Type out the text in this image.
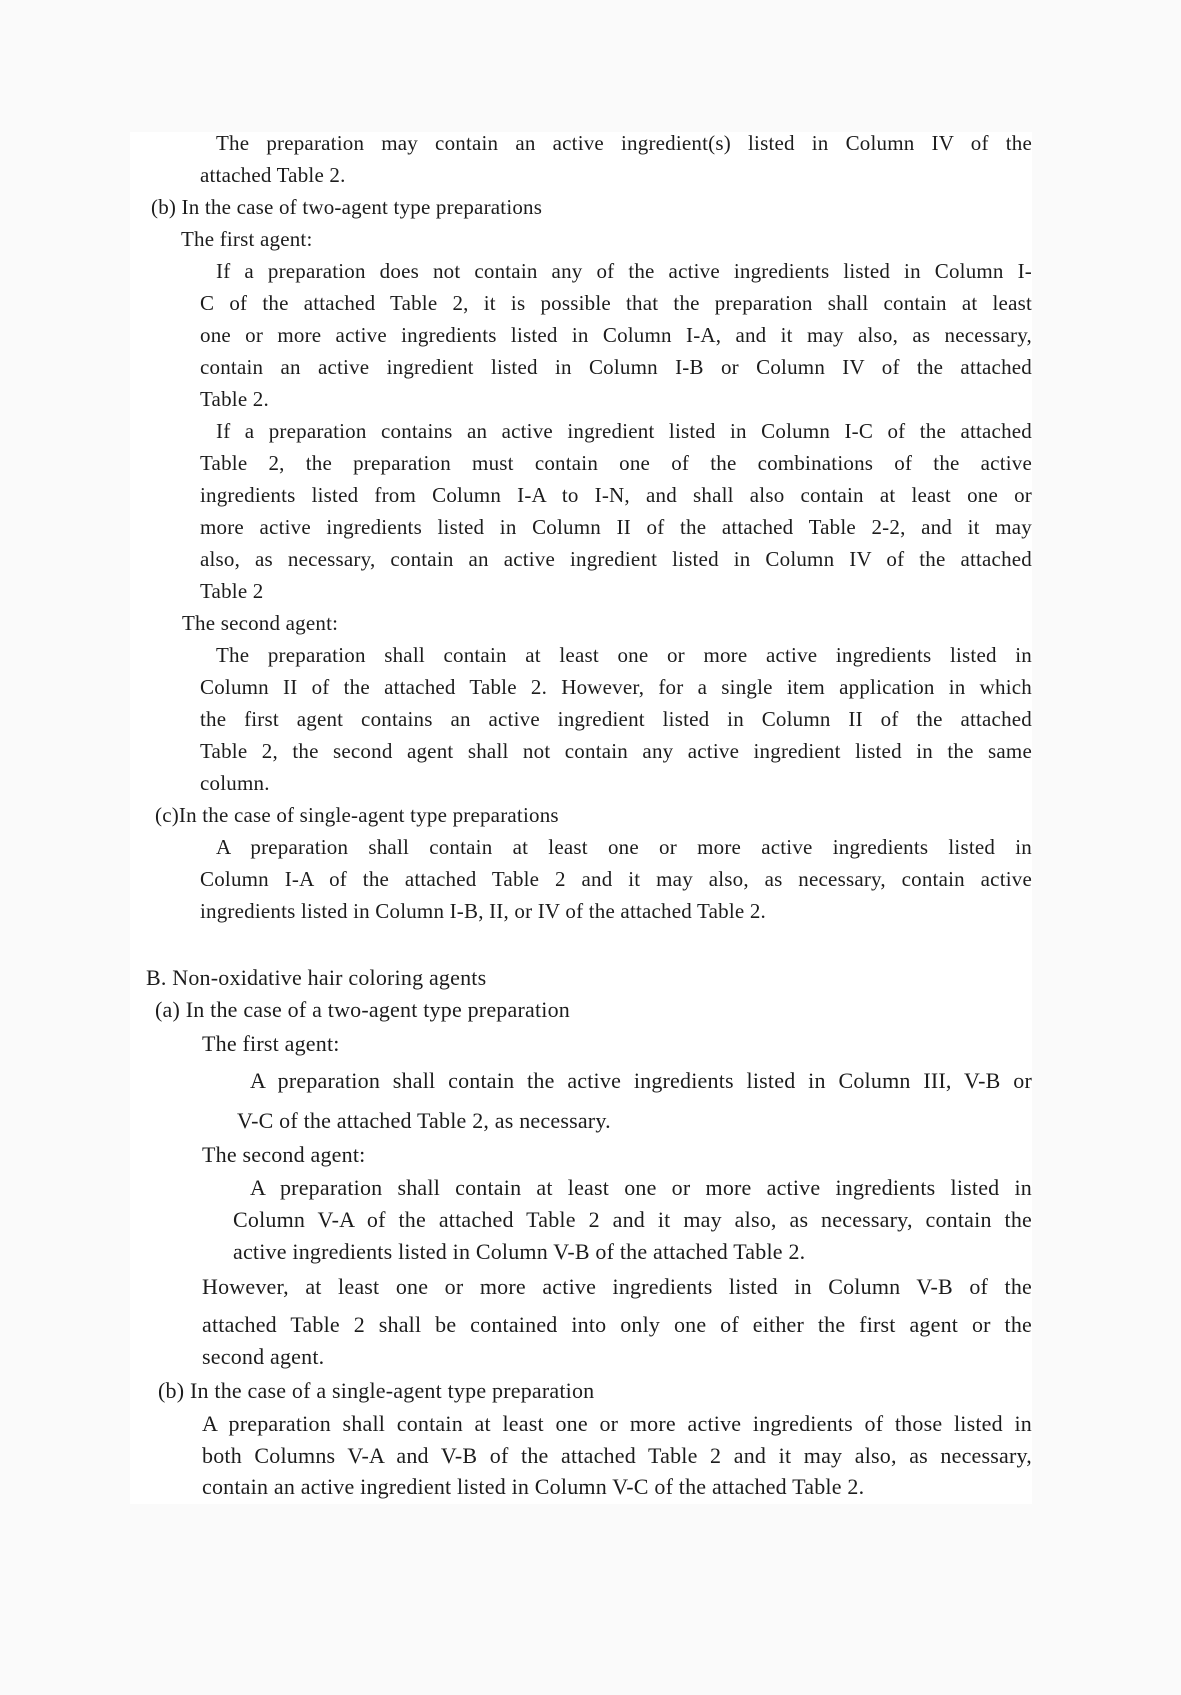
The preparation may contain an active ingredient(s) listed in Column IV of the
attached Table 2.
(b) In the case of two-agent type preparations
The first agent:
If a preparation does not contain any of the active ingredients listed in Column I-
C of the attached Table 2, it is possible that the preparation shall contain at least
one or more active ingredients listed in Column I-A, and it may also, as necessary,
contain an active ingredient listed in Column I-B or Column IV of the attached
Table 2.
If a preparation contains an active ingredient listed in Column I-C of the attached
Table 2, the preparation must contain one of the combinations of the active
ingredients listed from Column I-A to I-N, and shall also contain at least one or
more active ingredients listed in Column II of the attached Table 2-2, and it may
also, as necessary, contain an active ingredient listed in Column IV of the attached
Table 2
The second agent:
The preparation shall contain at least one or more active ingredients listed in
Column II of the attached Table 2. However, for a single item application in which
the first agent contains an active ingredient listed in Column II of the attached
Table 2, the second agent shall not contain any active ingredient listed in the same
column.
(c)In the case of single-agent type preparations
A preparation shall contain at least one or more active ingredients listed in
Column I-A of the attached Table 2 and it may also, as necessary, contain active
ingredients listed in Column I-B, II, or IV of the attached Table 2.
B. Non-oxidative hair coloring agents
(a) In the case of a two-agent type preparation
The first agent:
A preparation shall contain the active ingredients listed in Column III, V-B or
V-C of the attached Table 2, as necessary.
The second agent:
A preparation shall contain at least one or more active ingredients listed in
Column V-A of the attached Table 2 and it may also, as necessary, contain the
active ingredients listed in Column V-B of the attached Table 2.
However, at least one or more active ingredients listed in Column V-B of the
attached Table 2 shall be contained into only one of either the first agent or the
second agent.
(b) In the case of a single-agent type preparation
A preparation shall contain at least one or more active ingredients of those listed in
both Columns V-A and V-B of the attached Table 2 and it may also, as necessary,
contain an active ingredient listed in Column V-C of the attached Table 2.
